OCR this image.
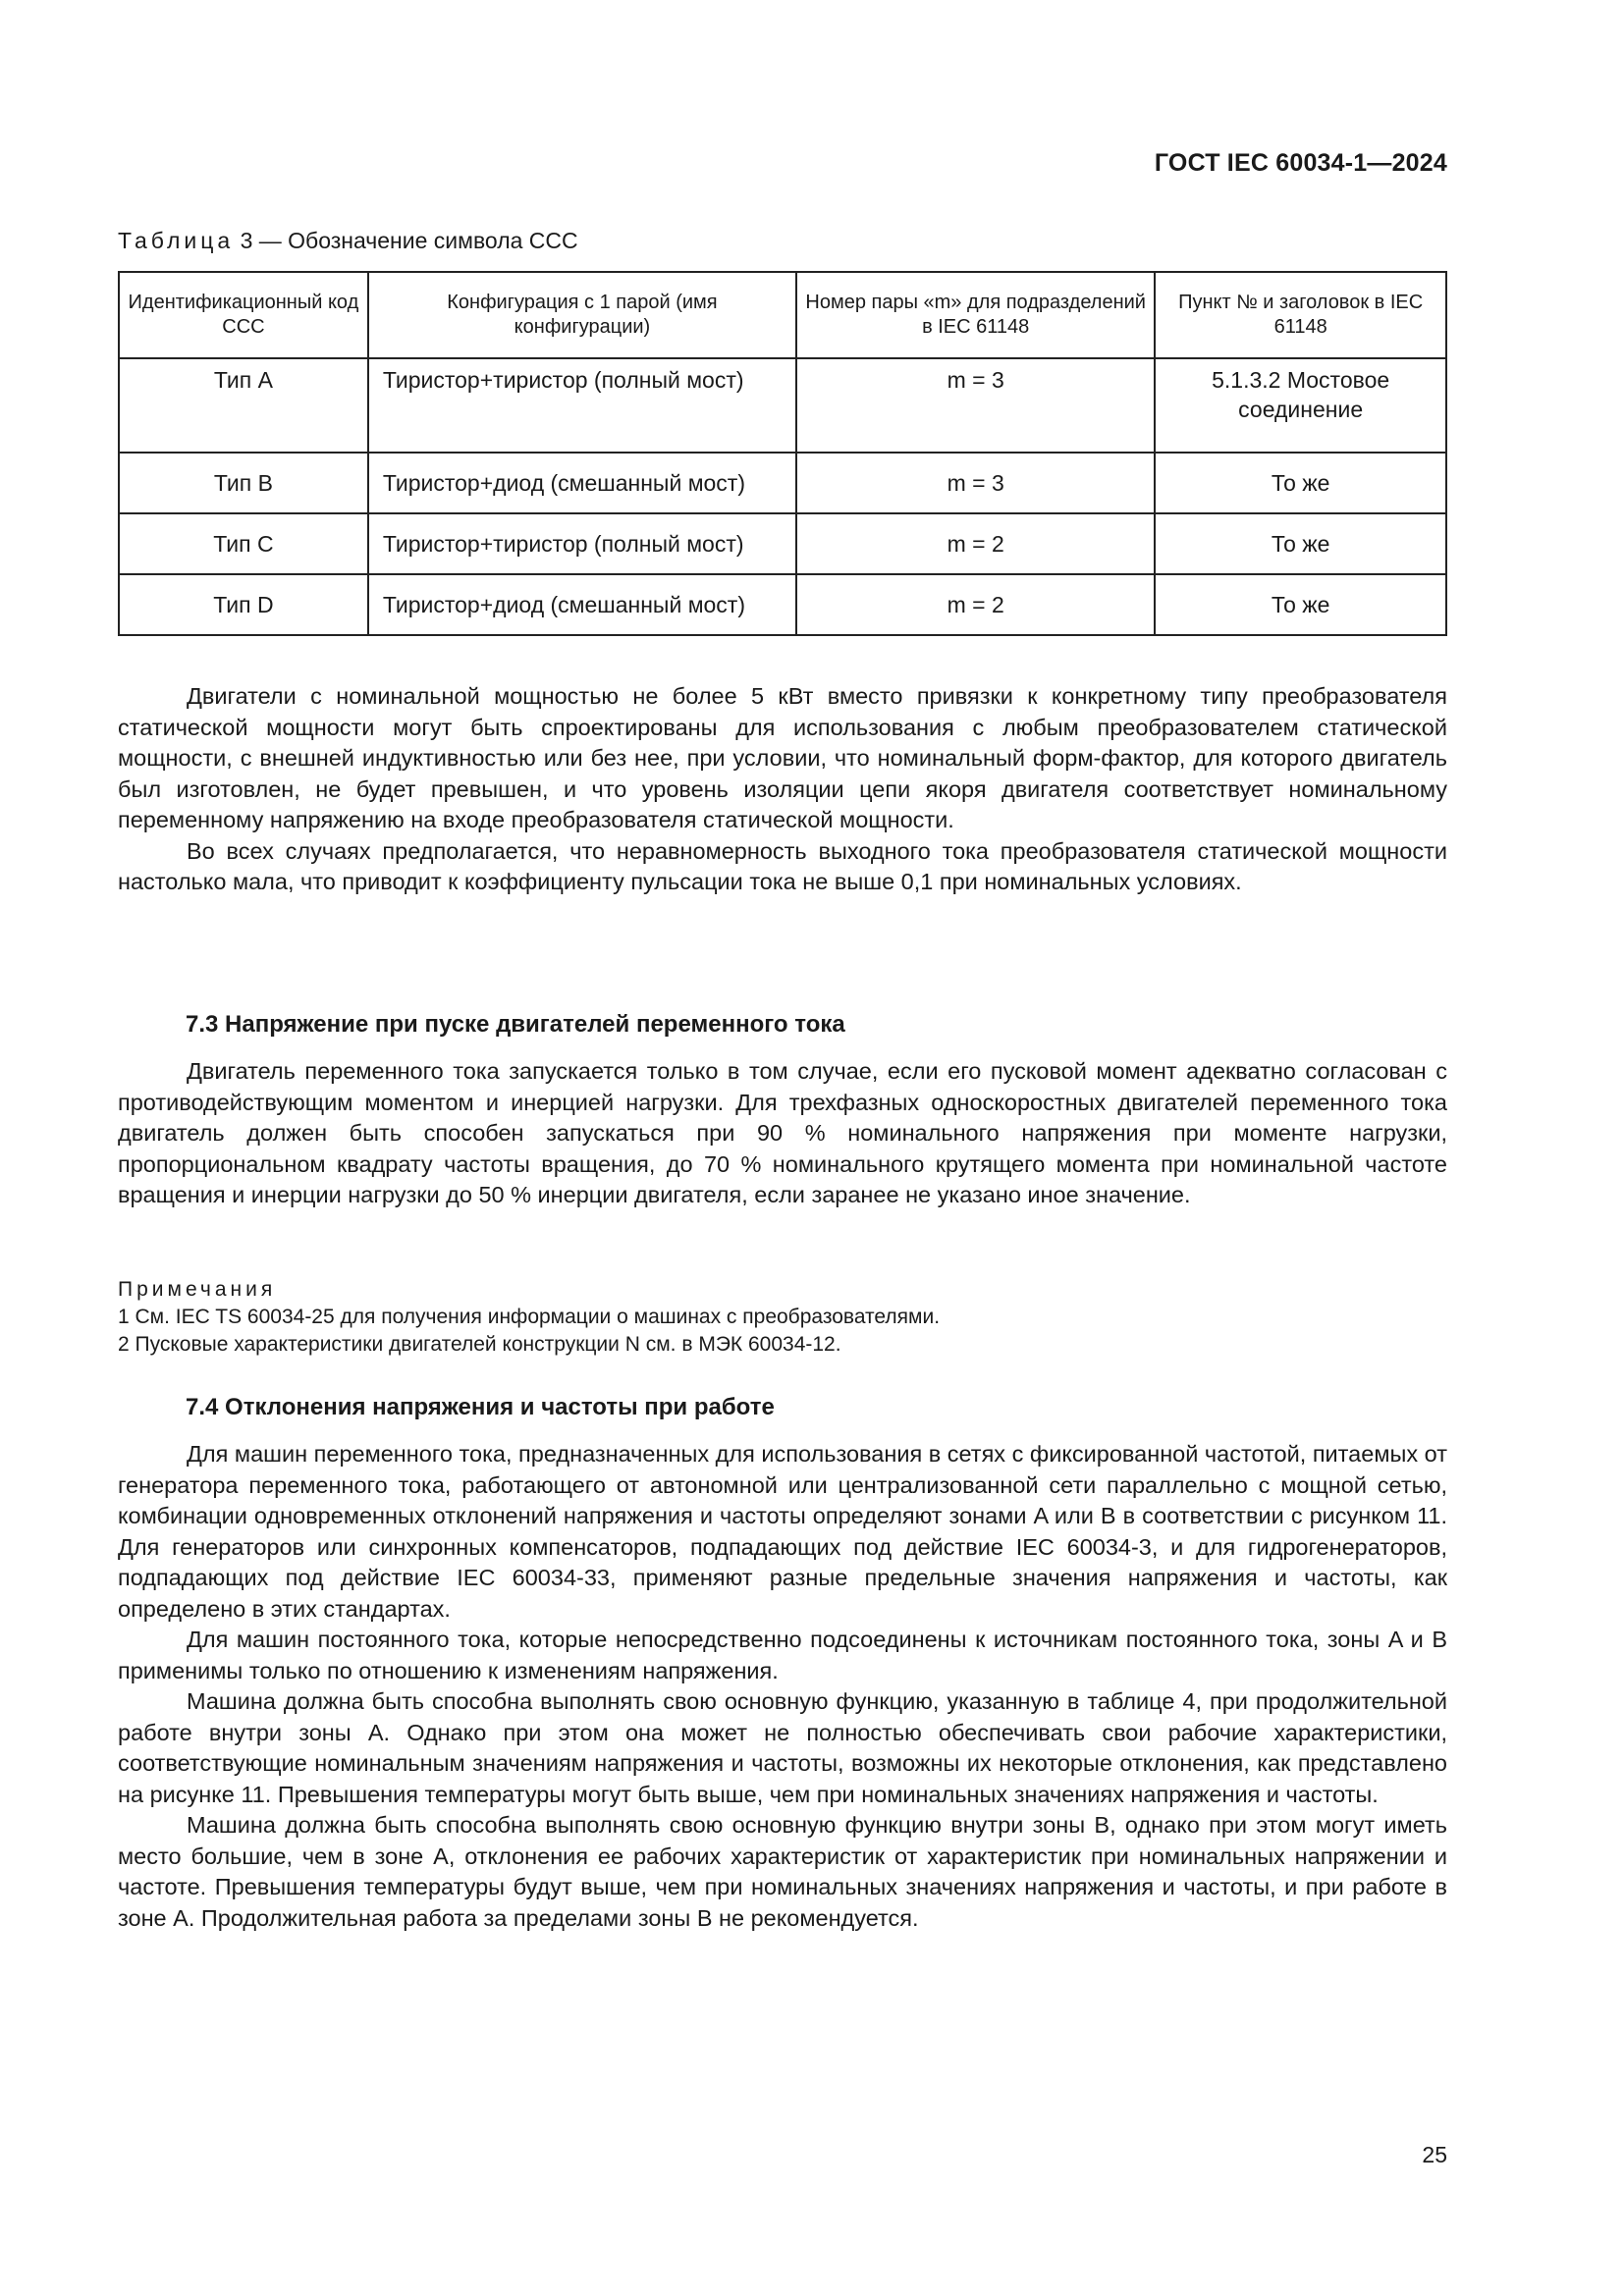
ГОСТ IEC 60034-1—2024
Таблица 3 — Обозначение символа CCC
Идентификационный код CCC	Конфигурация с 1 парой (имя конфигурации)	Номер пары «m» для подразделений в IEC 61148	Пункт № и заголовок в IEC 61148
Тип A	Тиристор+тиристор (полный мост)	m = 3	5.1.3.2 Мостовое соединение
Тип B	Тиристор+диод (смешанный мост)	m = 3	То же
Тип C	Тиристор+тиристор (полный мост)	m = 2	То же
Тип D	Тиристор+диод (смешанный мост)	m = 2	То же

Двигатели с номинальной мощностью не более 5 кВт вместо привязки к конкретному типу преобразователя статической мощности могут быть спроектированы для использования с любым преобразователем статической мощности, с внешней индуктивностью или без нее, при условии, что номинальный форм-фактор, для которого двигатель был изготовлен, не будет превышен, и что уровень изоляции цепи якоря двигателя соответствует номинальному переменному напряжению на входе преобразователя статической мощности.

Во всех случаях предполагается, что неравномерность выходного тока преобразователя статической мощности настолько мала, что приводит к коэффициенту пульсации тока не выше 0,1 при номинальных условиях.

7.3 Напряжение при пуске двигателей переменного тока

Двигатель переменного тока запускается только в том случае, если его пусковой момент адекватно согласован с противодействующим моментом и инерцией нагрузки. Для трехфазных односкоростных двигателей переменного тока двигатель должен быть способен запускаться при 90 % номинального напряжения при моменте нагрузки, пропорциональном квадрату частоты вращения, до 70 % номинального крутящего момента при номинальной частоте вращения и инерции нагрузки до 50 % инерции двигателя, если заранее не указано иное значение.

Примечания
1 См. IEC TS 60034-25 для получения информации о машинах с преобразователями.
2 Пусковые характеристики двигателей конструкции N см. в МЭК 60034-12.
7.4 Отклонения напряжения и частоты при работе

Для машин переменного тока, предназначенных для использования в сетях с фиксированной частотой, питаемых от генератора переменного тока, работающего от автономной или централизованной сети параллельно с мощной сетью, комбинации одновременных отклонений напряжения и частоты определяют зонами A или B в соответствии с рисунком 11. Для генераторов или синхронных компенсаторов, подпадающих под действие IEC 60034-3, и для гидрогенераторов, подпадающих под действие IEC 60034-33, применяют разные предельные значения напряжения и частоты, как определено в этих стандартах.

Для машин постоянного тока, которые непосредственно подсоединены к источникам постоянного тока, зоны A и B применимы только по отношению к изменениям напряжения.

Машина должна быть способна выполнять свою основную функцию, указанную в таблице 4, при продолжительной работе внутри зоны A. Однако при этом она может не полностью обеспечивать свои рабочие характеристики, соответствующие номинальным значениям напряжения и частоты, возможны их некоторые отклонения, как представлено на рисунке 11. Превышения температуры могут быть выше, чем при номинальных значениях напряжения и частоты.

Машина должна быть способна выполнять свою основную функцию внутри зоны B, однако при этом могут иметь место большие, чем в зоне A, отклонения ее рабочих характеристик от характеристик при номинальных напряжении и частоте. Превышения температуры будут выше, чем при номинальных значениях напряжения и частоты, и при работе в зоне A. Продолжительная работа за пределами зоны B не рекомендуется.

25
